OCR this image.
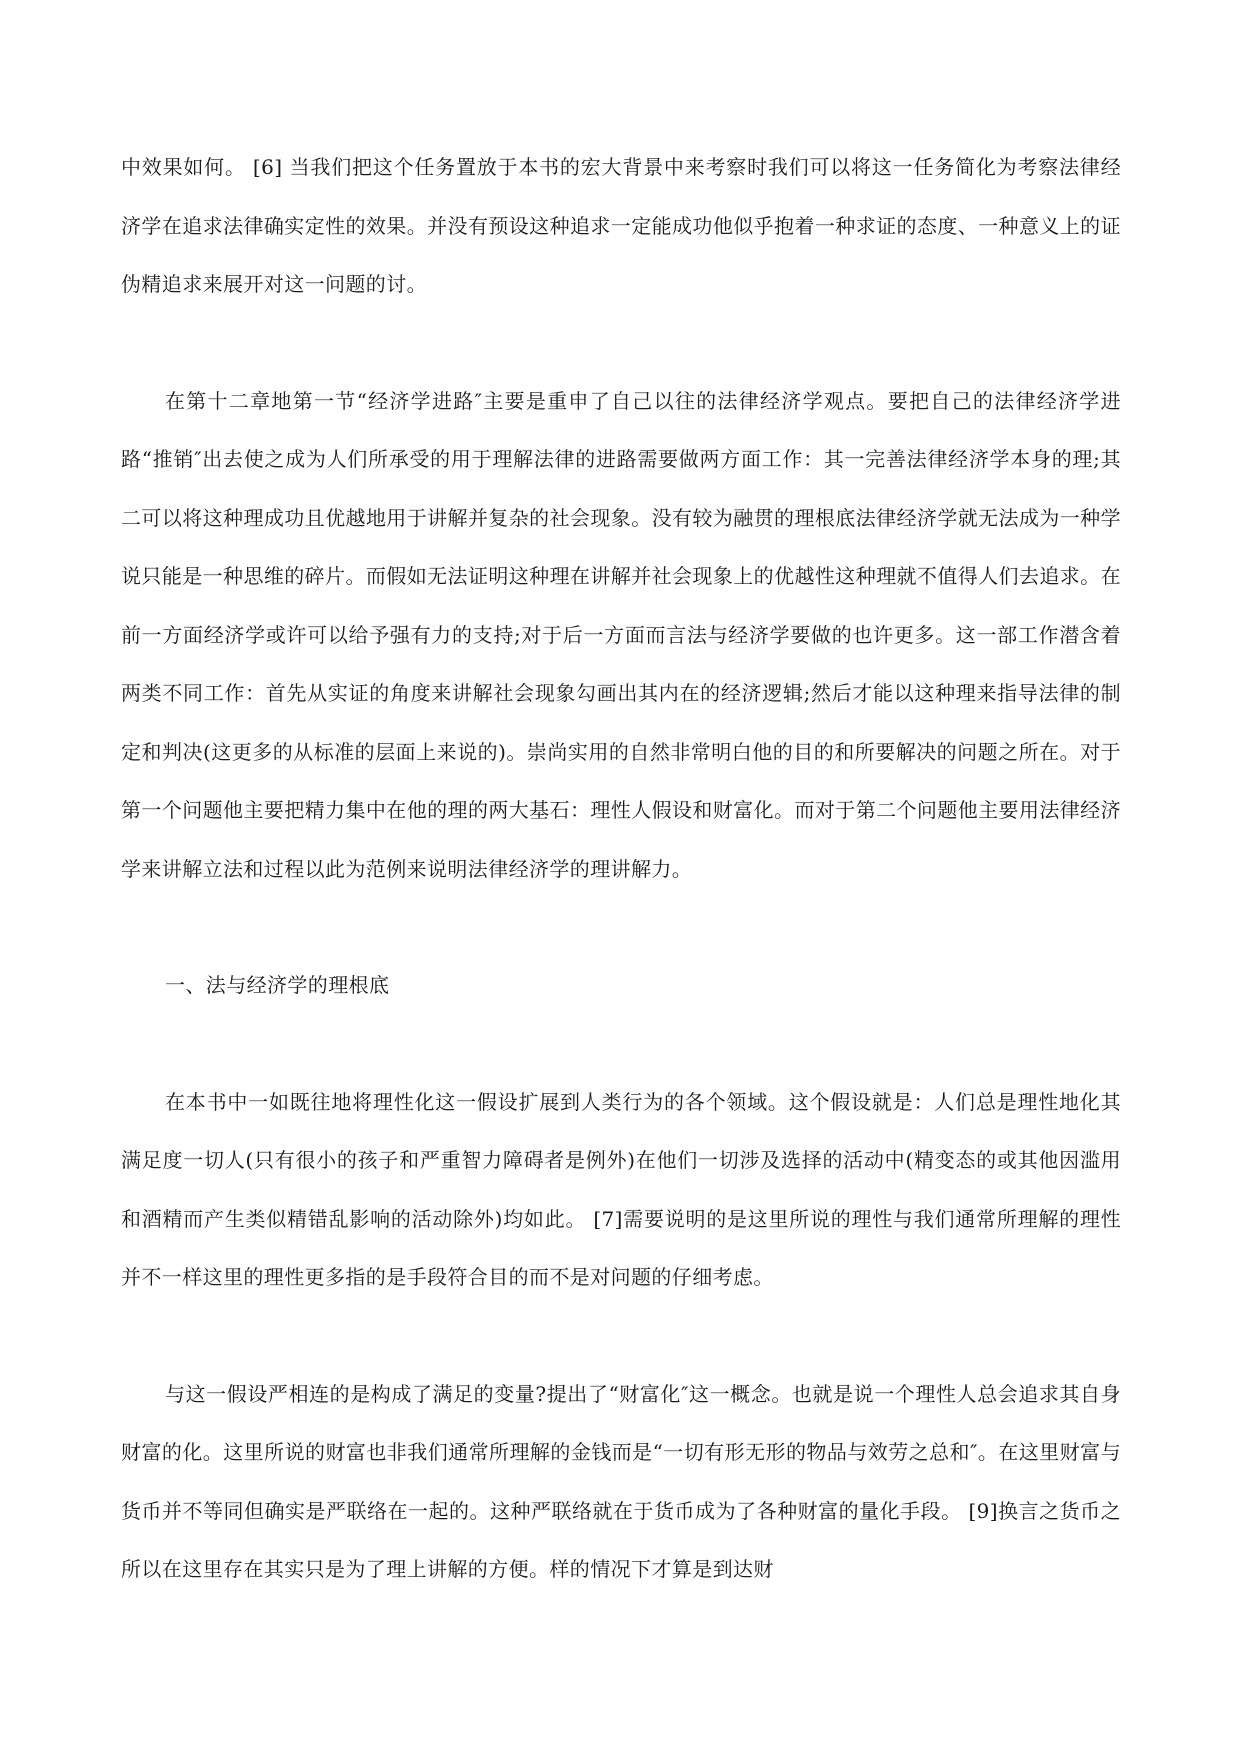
中效果如何。 [6] 当我们把这个任务置放于本书的宏大背景中来考察时我们可以将这一任务简化为考察法律经济学在追求法律确实定性的效果。并没有预设这种追求一定能成功他似乎抱着一种求证的态度、一种意义上的证伪精追求来展开对这一问题的讨。

在第十二章地第一节“经济学进路″主要是重申了自己以往的法律经济学观点。要把自己的法律经济学进路“推销″出去使之成为人们所承受的用于理解法律的进路需要做两方面工作：其一完善法律经济学本身的理;其二可以将这种理成功且优越地用于讲解并复杂的社会现象。没有较为融贯的理根底法律经济学就无法成为一种学说只能是一种思维的碎片。而假如无法证明这种理在讲解并社会现象上的优越性这种理就不值得人们去追求。在前一方面经济学或许可以给予强有力的支持;对于后一方面而言法与经济学要做的也许更多。这一部工作潜含着两类不同工作：首先从实证的角度来讲解社会现象勾画出其内在的经济逻辑;然后才能以这种理来指导法律的制定和判决(这更多的从标准的层面上来说的)。崇尚实用的自然非常明白他的目的和所要解决的问题之所在。对于第一个问题他主要把精力集中在他的理的两大基石：理性人假设和财富化。而对于第二个问题他主要用法律经济学来讲解立法和过程以此为范例来说明法律经济学的理讲解力。

一、法与经济学的理根底

在本书中一如既往地将理性化这一假设扩展到人类行为的各个领域。这个假设就是：人们总是理性地化其满足度一切人(只有很小的孩子和严重智力障碍者是例外)在他们一切涉及选择的活动中(精变态的或其他因滥用和酒精而产生类似精错乱影响的活动除外)均如此。 [7]需要说明的是这里所说的理性与我们通常所理解的理性并不一样这里的理性更多指的是手段符合目的而不是对问题的仔细考虑。

与这一假设严相连的是构成了满足的变量?提出了“财富化″这一概念。也就是说一个理性人总会追求其自身财富的化。这里所说的财富也非我们通常所理解的金钱而是“一切有形无形的物品与效劳之总和″。在这里财富与货币并不等同但确实是严联络在一起的。这种严联络就在于货币成为了各种财富的量化手段。 [9]换言之货币之所以在这里存在其实只是为了理上讲解的方便。样的情况下才算是到达财
